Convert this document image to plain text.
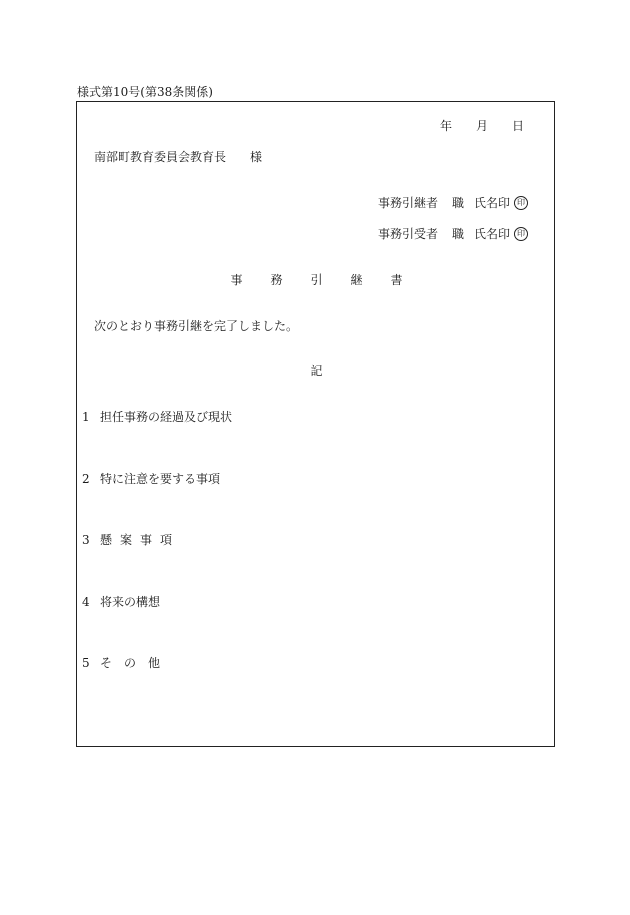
様式第10号(第38条関係)
年 月 日
南部町教育委員会教育長 様
事務引継者 職 氏名印 印
事務引受者 職 氏名印 印
事 務 引 継 書
次のとおり事務引継を完了しました。
記
1 担任事務の経過及び現状
2 特に注意を要する事項
3 懸 案 事 項
4 将来の構想
5 そ の 他
